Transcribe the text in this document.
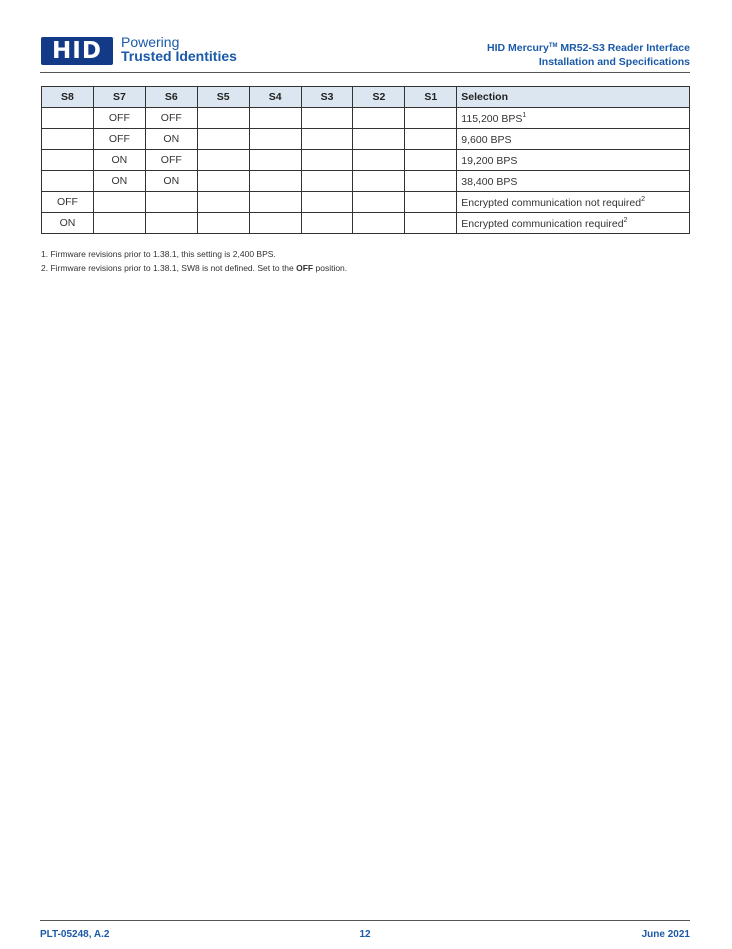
HID	· Powering
Trusted Identities	HID Mercury™ MR52-S3 Reader Interface
Installation and Specifications
S8	S7	S6	S5	S4	S3	S2	S1	Selection
	OFF	OFF						115,200 BPS$^1$
	OFF	ON						9,600 BPS
	ON	OFF						19,200 BPS
	ON	ON						38,400 BPS
OFF								Encrypted communication not required$^2$
ON								Encrypted communication required$^2$
1. Firmware revisions prior to 1.38.1, this setting is 2,400 BPS.
2. Firmware revisions prior to 1.38.1, SW8 is not defined. Set to the OFF position.
PLT-05248, A.2	12	June 2021
